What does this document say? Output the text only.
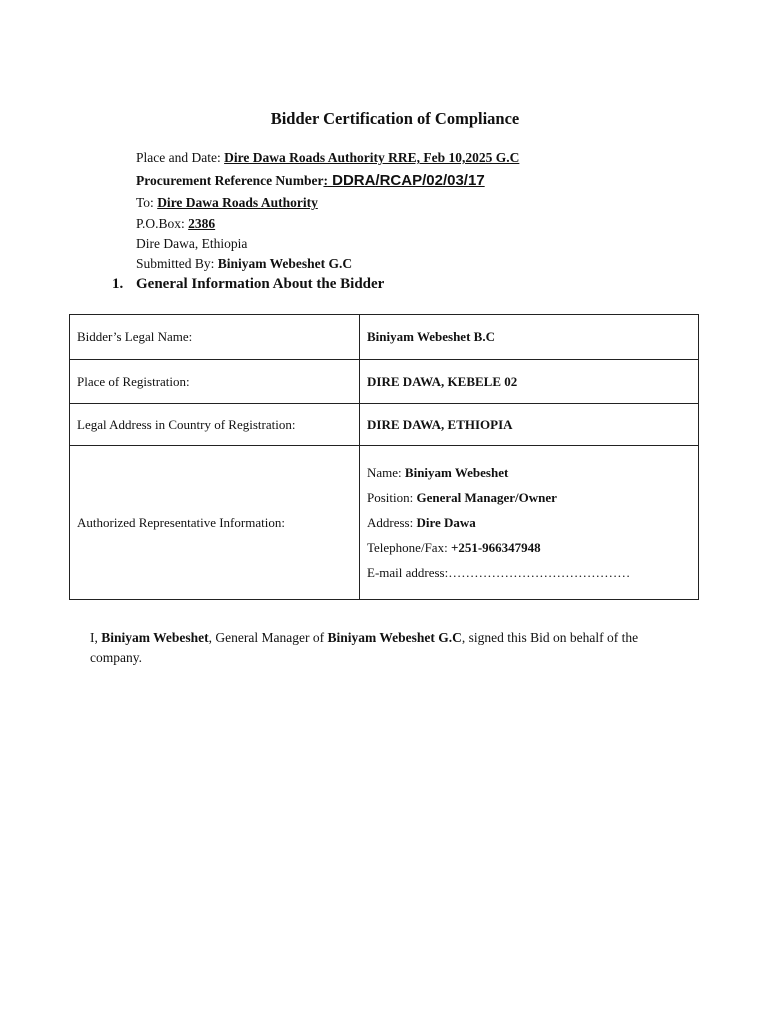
Bidder Certification of Compliance
Place and Date: Dire Dawa Roads Authority RRE, Feb 10,2025 G.C
Procurement Reference Number: DDRA/RCAP/02/03/17
To: Dire Dawa Roads Authority
P.O.Box: 2386
Dire Dawa, Ethiopia
Submitted By: Biniyam Webeshet G.C
1. General Information About the Bidder
Bidder’s Legal Name:	Biniyam Webeshet B.C
Place of Registration:	DIRE DAWA, KEBELE 02
Legal Address in Country of Registration:	DIRE DAWA, ETHIOPIA
Authorized Representative Information:	Name: Biniyam Webeshet
Position: General Manager/Owner
Address: Dire Dawa
Telephone/Fax: +251-966347948
E-mail address:……………………………………

I, Biniyam Webeshet, General Manager of Biniyam Webeshet G.C, signed this Bid on behalf of the company.
